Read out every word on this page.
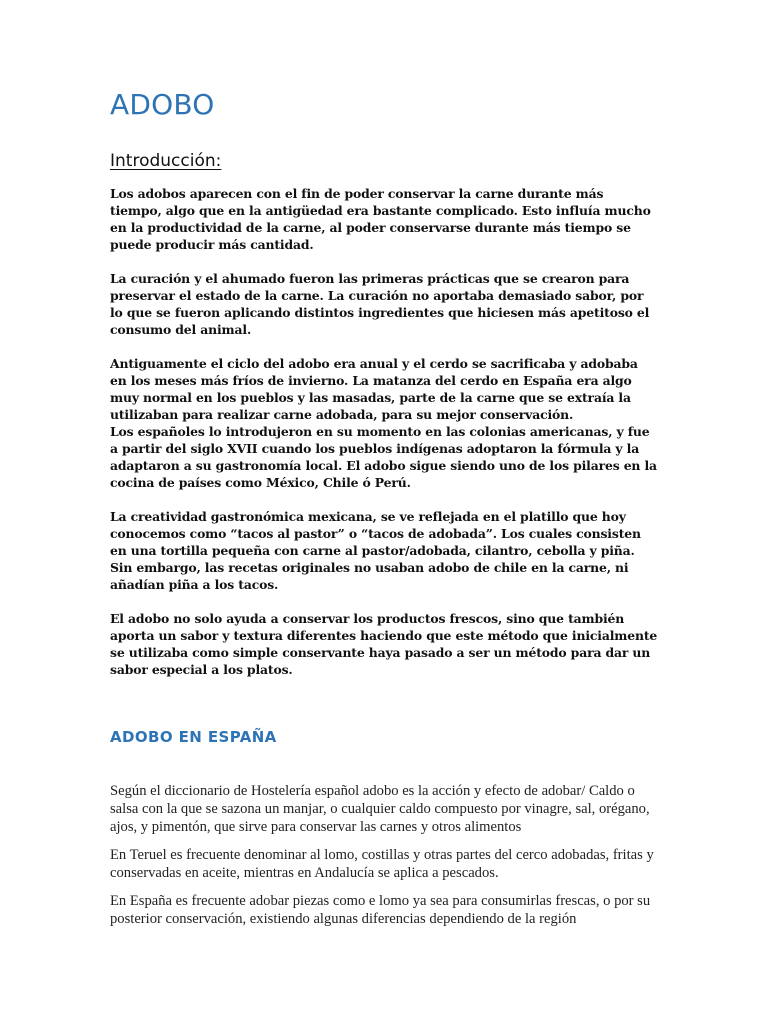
ADOBO
Introducción:

Los adobos aparecen con el fin de poder conservar la carne durante más tiempo, algo que en la antigüedad era bastante complicado. Esto influía mucho en la productividad de la carne, al poder conservarse durante más tiempo se puede producir más cantidad.

La curación y el ahumado fueron las primeras prácticas que se crearon para preservar el estado de la carne. La curación no aportaba demasiado sabor, por lo que se fueron aplicando distintos ingredientes que hiciesen más apetitoso el consumo del animal.

Antiguamente el ciclo del adobo era anual y el cerdo se sacrificaba y adobaba en los meses más fríos de invierno. La matanza del cerdo en España era algo muy normal en los pueblos y las masadas, parte de la carne que se extraía la utilizaban para realizar carne adobada, para su mejor conservación.

Los españoles lo introdujeron en su momento en las colonias americanas, y fue a partir del siglo XVII cuando los pueblos indígenas adoptaron la fórmula y la adaptaron a su gastronomía local. El adobo sigue siendo uno de los pilares en la cocina de países como México, Chile ó Perú.

La creatividad gastronómica mexicana, se ve reflejada en el platillo que hoy conocemos como “tacos al pastor” o “tacos de adobada”. Los cuales consisten en una tortilla pequeña con carne al pastor/adobada, cilantro, cebolla y piña. Sin embargo, las recetas originales no usaban adobo de chile en la carne, ni añadían piña a los tacos.

El adobo no solo ayuda a conservar los productos frescos, sino que también aporta un sabor y textura diferentes haciendo que este método que inicialmente se utilizaba como simple conservante haya pasado a ser un método para dar un sabor especial a los platos.

ADOBO EN ESPAÑA

Según el diccionario de Hostelería español adobo es la acción y efecto de adobar/ Caldo o salsa con la que se sazona un manjar, o cualquier caldo compuesto por vinagre, sal, orégano, ajos, y pimentón, que sirve para conservar las carnes y otros alimentos

En Teruel es frecuente denominar al lomo, costillas y otras partes del cerco adobadas, fritas y conservadas en aceite, mientras en Andalucía se aplica a pescados.

En España es frecuente adobar piezas como e lomo ya sea para consumirlas frescas, o por su posterior conservación, existiendo algunas diferencias dependiendo de la región
